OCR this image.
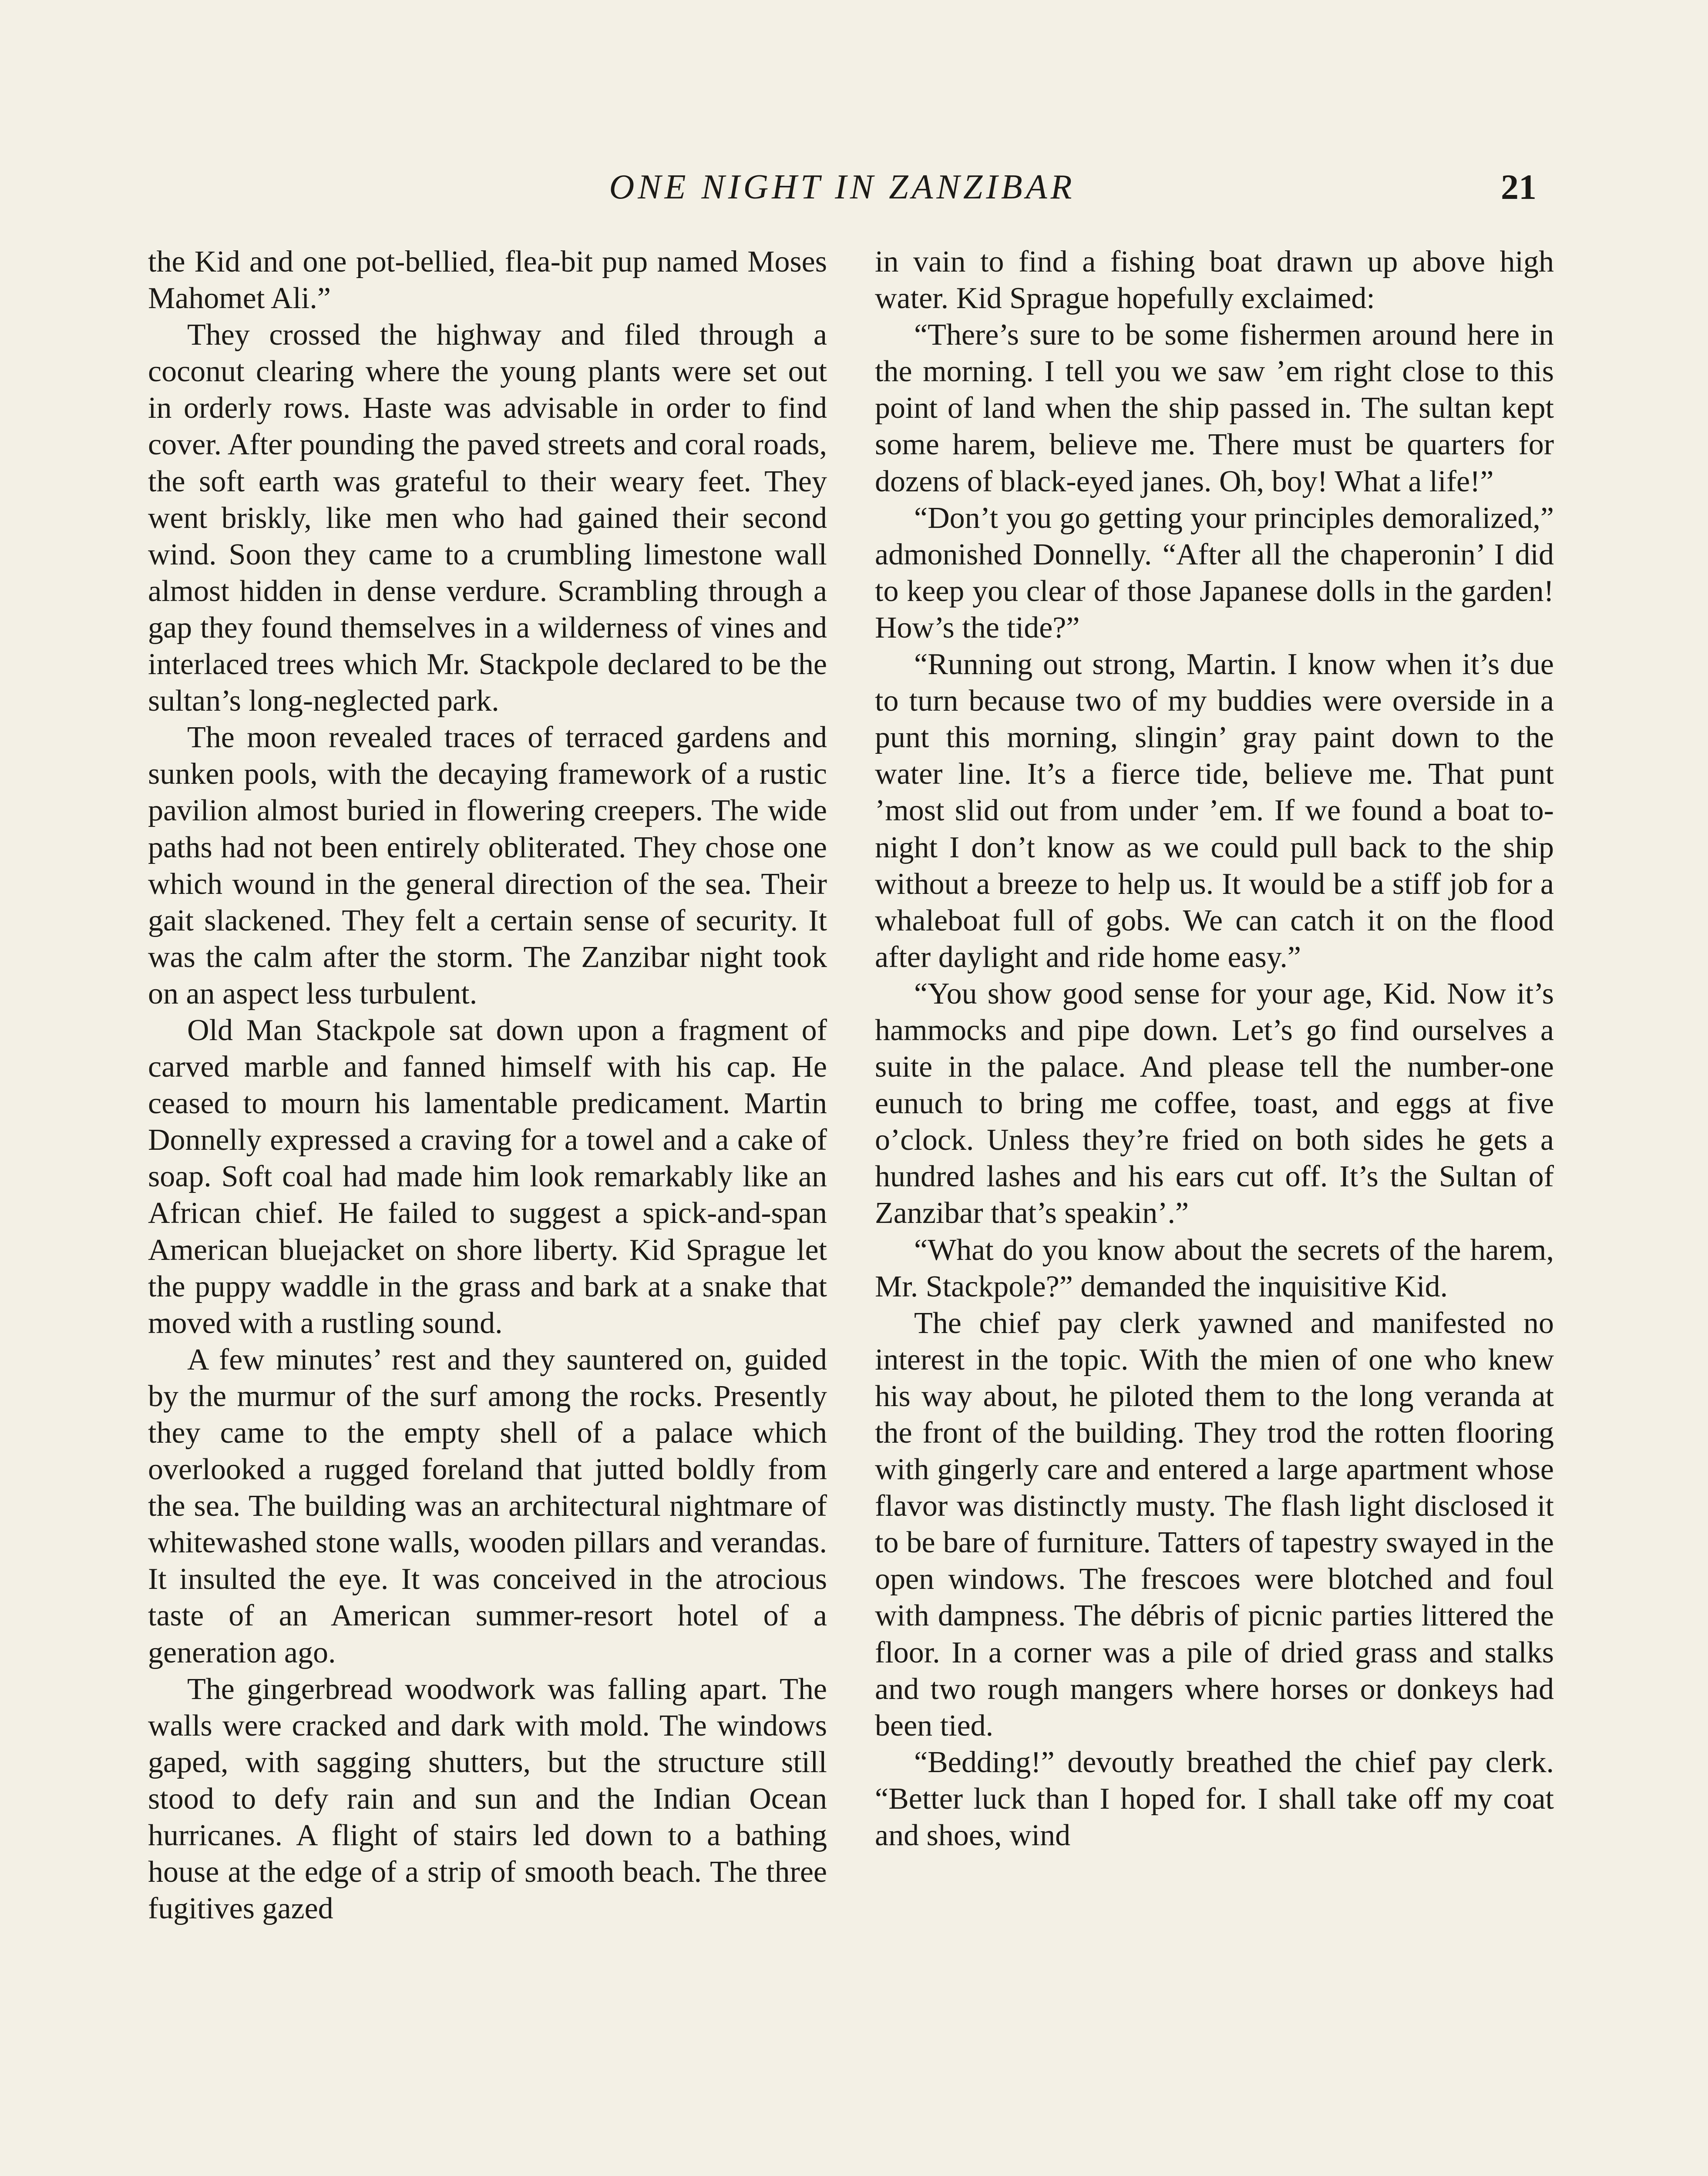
ONE NIGHT IN ZANZIBAR	21

the Kid and one pot-bellied, flea-bit pup named Moses Mahomet Ali.”

They crossed the highway and filed through a coconut clearing where the young plants were set out in orderly rows. Haste was advisable in order to find cover. After pounding the paved streets and coral roads, the soft earth was grateful to their weary feet. They went briskly, like men who had gained their second wind. Soon they came to a crumbling limestone wall almost hidden in dense verdure. Scrambling through a gap they found themselves in a wilderness of vines and interlaced trees which Mr. Stackpole declared to be the sultan’s long-neglected park.

The moon revealed traces of terraced gardens and sunken pools, with the decaying framework of a rustic pavilion almost buried in flowering creepers. The wide paths had not been entirely obliterated. They chose one which wound in the general direction of the sea. Their gait slackened. They felt a certain sense of security. It was the calm after the storm. The Zanzibar night took on an aspect less turbulent.

Old Man Stackpole sat down upon a fragment of carved marble and fanned himself with his cap. He ceased to mourn his lamentable predicament. Martin Donnelly expressed a craving for a towel and a cake of soap. Soft coal had made him look remarkably like an African chief. He failed to suggest a spick-and-span American bluejacket on shore liberty. Kid Sprague let the puppy waddle in the grass and bark at a snake that moved with a rustling sound.

A few minutes’ rest and they sauntered on, guided by the murmur of the surf among the rocks. Presently they came to the empty shell of a palace which overlooked a rugged foreland that jutted boldly from the sea. The building was an architectural nightmare of whitewashed stone walls, wooden pillars and verandas. It insulted the eye. It was conceived in the atrocious taste of an American summer-resort hotel of a generation ago.

The gingerbread woodwork was falling apart. The walls were cracked and dark with mold. The windows gaped, with sagging shutters, but the structure still stood to defy rain and sun and the Indian Ocean hurricanes. A flight of stairs led down to a bathing house at the edge of a strip of smooth beach. The three fugitives gazed

in vain to find a fishing boat drawn up above high water. Kid Sprague hopefully exclaimed:

“There’s sure to be some fishermen around here in the morning. I tell you we saw ’em right close to this point of land when the ship passed in. The sultan kept some harem, believe me. There must be quarters for dozens of black-eyed janes. Oh, boy! What a life!”

“Don’t you go getting your principles demoralized,” admonished Donnelly. “After all the chaperonin’ I did to keep you clear of those Japanese dolls in the garden! How’s the tide?”

“Running out strong, Martin. I know when it’s due to turn because two of my buddies were overside in a punt this morning, slingin’ gray paint down to the water line. It’s a fierce tide, believe me. That punt ’most slid out from under ’em. If we found a boat to-night I don’t know as we could pull back to the ship without a breeze to help us. It would be a stiff job for a whaleboat full of gobs. We can catch it on the flood after daylight and ride home easy.”

“You show good sense for your age, Kid. Now it’s hammocks and pipe down. Let’s go find ourselves a suite in the palace. And please tell the number-one eunuch to bring me coffee, toast, and eggs at five o’clock. Unless they’re fried on both sides he gets a hundred lashes and his ears cut off. It’s the Sultan of Zanzibar that’s speakin’.”

“What do you know about the secrets of the harem, Mr. Stackpole?” demanded the inquisitive Kid.

The chief pay clerk yawned and manifested no interest in the topic. With the mien of one who knew his way about, he piloted them to the long veranda at the front of the building. They trod the rotten flooring with gingerly care and entered a large apartment whose flavor was distinctly musty. The flash light disclosed it to be bare of furniture. Tatters of tapestry swayed in the open windows. The frescoes were blotched and foul with dampness. The débris of picnic parties littered the floor. In a corner was a pile of dried grass and stalks and two rough mangers where horses or donkeys had been tied.

“Bedding!” devoutly breathed the chief pay clerk. “Better luck than I hoped for. I shall take off my coat and shoes, wind
